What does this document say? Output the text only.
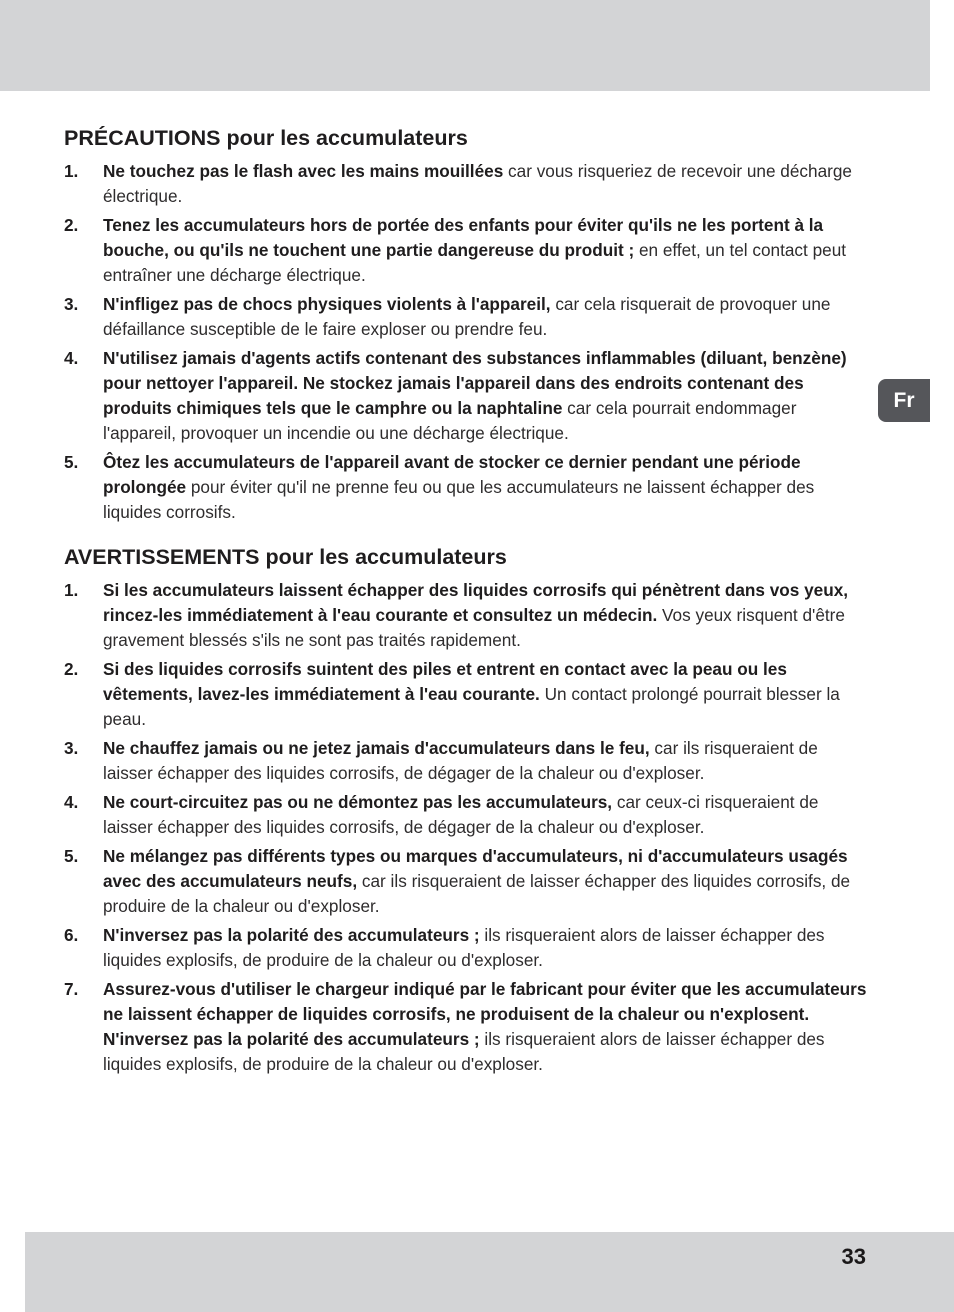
Fr
PRÉCAUTIONS pour les accumulateurs
1.	Ne touchez pas le flash avec les mains mouillées car vous risqueriez de recevoir une décharge électrique.
2.	Tenez les accumulateurs hors de portée des enfants pour éviter qu'ils ne les portent à la bouche, ou qu'ils ne touchent une partie dangereuse du produit ; en effet, un tel contact peut entraîner une décharge électrique.
3.	N'infligez pas de chocs physiques violents à l'appareil, car cela risquerait de provoquer une défaillance susceptible de le faire exploser ou prendre feu.
4.	N'utilisez jamais d'agents actifs contenant des substances inflammables (diluant, benzène) pour nettoyer l'appareil. Ne stockez jamais l'appareil dans des endroits contenant des produits chimiques tels que le camphre ou la naphtaline car cela pourrait endommager l'appareil, provoquer un incendie ou une décharge électrique.
5.	Ôtez les accumulateurs de l'appareil avant de stocker ce dernier pendant une période prolongée pour éviter qu'il ne prenne feu ou que les accumulateurs ne laissent échapper des liquides corrosifs.
AVERTISSEMENTS pour les accumulateurs
1.	Si les accumulateurs laissent échapper des liquides corrosifs qui pénètrent dans vos yeux, rincez-les immédiatement à l'eau courante et consultez un médecin. Vos yeux risquent d'être gravement blessés s'ils ne sont pas traités rapidement.
2.	Si des liquides corrosifs suintent des piles et entrent en contact avec la peau ou les vêtements, lavez-les immédiatement à l'eau courante. Un contact prolongé pourrait blesser la peau.
3.	Ne chauffez jamais ou ne jetez jamais d'accumulateurs dans le feu, car ils risqueraient de laisser échapper des liquides corrosifs, de dégager de la chaleur ou d'exploser.
4.	Ne court-circuitez pas ou ne démontez pas les accumulateurs, car ceux-ci risqueraient de laisser échapper des liquides corrosifs, de dégager de la chaleur ou d'exploser.
5.	Ne mélangez pas différents types ou marques d'accumulateurs, ni d'accumulateurs usagés avec des accumulateurs neufs, car ils risqueraient de laisser échapper des liquides corrosifs, de produire de la chaleur ou d'exploser.
6.	N'inversez pas la polarité des accumulateurs ; ils risqueraient alors de laisser échapper des liquides explosifs, de produire de la chaleur ou d'exploser.
7.	Assurez-vous d'utiliser le chargeur indiqué par le fabricant pour éviter que les accumulateurs ne laissent échapper de liquides corrosifs, ne produisent de la chaleur ou n'explosent. N'inversez pas la polarité des accumulateurs ; ils risqueraient alors de laisser échapper des liquides explosifs, de produire de la chaleur ou d'exploser.
33
